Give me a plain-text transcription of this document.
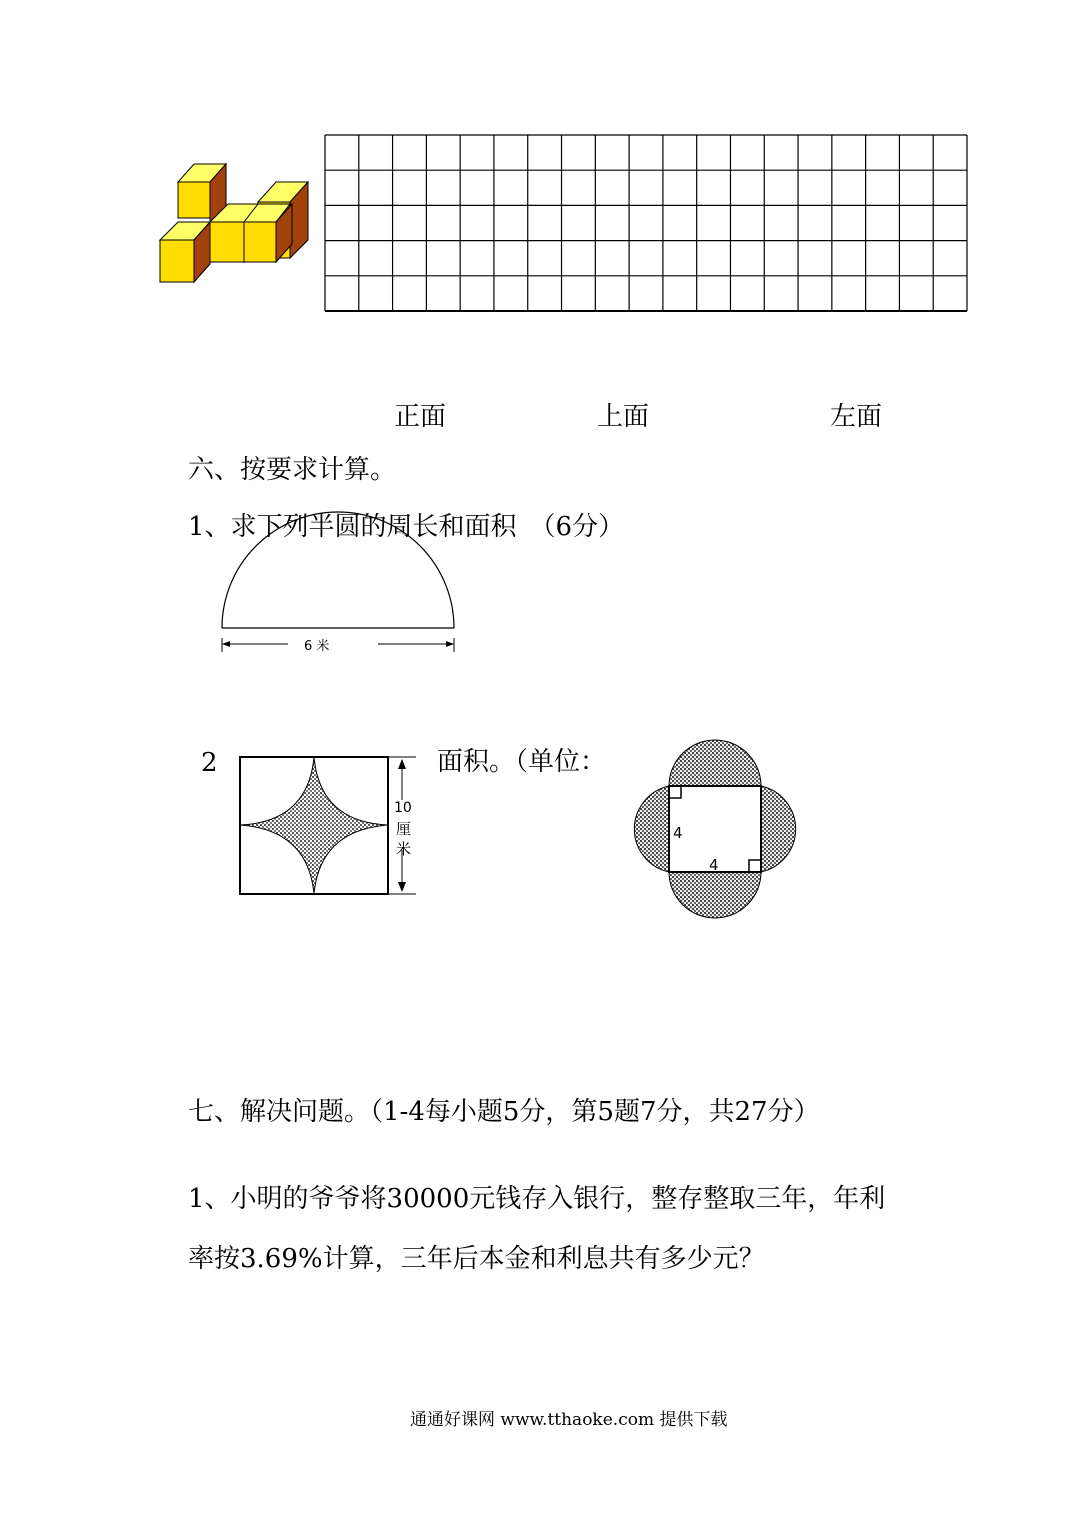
正面	上面	左面
六、按要求计算。
1、求下列半圆的周长和面积　（6分）
6 米
2
10
厘
米
面积。（单位：
4
4
七、解决问题。（1-4每小题5分，第5题7分，共27分）
1、小明的爷爷将30000元钱存入银行，整存整取三年，年利
率按3.69%计算，三年后本金和利息共有多少元？
通通好课网 www.tthaoke.com 提供下载
